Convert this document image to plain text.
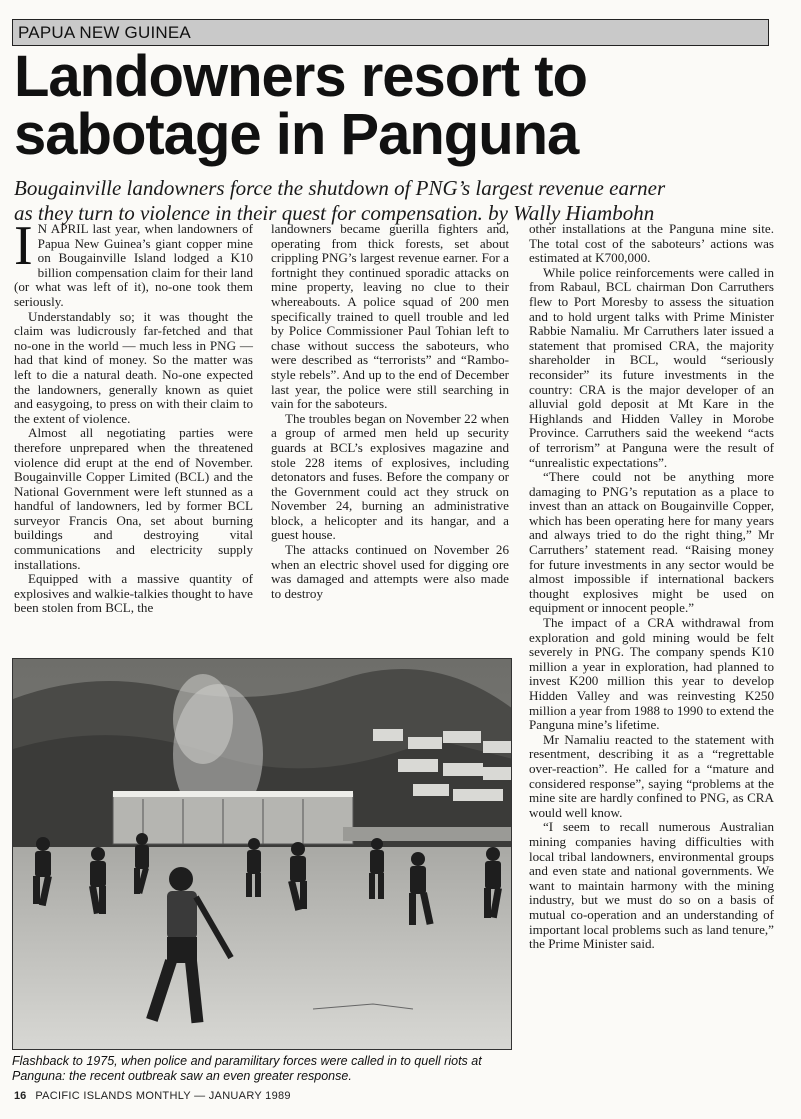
PAPUA NEW GUINEA
Landowners resort to
sabotage in Panguna

Bougainville landowners force the shutdown of PNG’s largest revenue earner
as they turn to violence in their quest for compensation. by Wally Hiambohn

I N APRIL last year, when landowners of Papua New Guinea’s giant copper mine on Bougainville Island lodged a K10 billion compensation claim for their land (or what was left of it), no-one took them seriously.

Understandably so; it was thought the claim was ludicrously far-fetched and that no-one in the world — much less in PNG — had that kind of money. So the matter was left to die a natural death. No-one expected the landowners, generally known as quiet and easygoing, to press on with their claim to the extent of violence.

Almost all negotiating parties were therefore unprepared when the threatened violence did erupt at the end of November. Bougainville Copper Limited (BCL) and the National Government were left stunned as a handful of landowners, led by former BCL surveyor Francis Ona, set about burning buildings and destroying vital communications and electricity supply installations.

Equipped with a massive quantity of explosives and walkie-talkies thought to have been stolen from BCL, the

landowners became guerilla fighters and, operating from thick forests, set about crippling PNG’s largest revenue earner. For a fortnight they continued sporadic attacks on mine property, leaving no clue to their whereabouts. A police squad of 200 men specifically trained to quell trouble and led by Police Commissioner Paul Tohian left to chase without success the saboteurs, who were described as “terrorists” and “Rambo-style rebels”. And up to the end of December last year, the police were still searching in vain for the saboteurs.

The troubles began on November 22 when a group of armed men held up security guards at BCL’s explosives magazine and stole 228 items of explosives, including detonators and fuses. Before the company or the Government could act they struck on November 24, burning an administrative block, a helicopter and its hangar, and a guest house.

The attacks continued on November 26 when an electric shovel used for digging ore was damaged and attempts were also made to destroy

other installations at the Panguna mine site. The total cost of the saboteurs’ actions was estimated at K700,000.

While police reinforcements were called in from Rabaul, BCL chairman Don Carruthers flew to Port Moresby to assess the situation and to hold urgent talks with Prime Minister Rabbie Namaliu. Mr Carruthers later issued a statement that promised CRA, the majority shareholder in BCL, would “seriously reconsider” its future investments in the country: CRA is the major developer of an alluvial gold deposit at Mt Kare in the Highlands and Hidden Valley in Morobe Province. Carruthers said the weekend “acts of terrorism” at Panguna were the result of “unrealistic expectations”.

“There could not be anything more damaging to PNG’s reputation as a place to invest than an attack on Bougainville Copper, which has been operating here for many years and always tried to do the right thing,” Mr Carruthers’ statement read. “Raising money for future investments in any sector would be almost impossible if international backers thought explosives might be used on equipment or innocent people.”

The impact of a CRA withdrawal from exploration and gold mining would be felt severely in PNG. The company spends K10 million a year in exploration, had planned to invest K200 million this year to develop Hidden Valley and was reinvesting K250 million a year from 1988 to 1990 to extend the Panguna mine’s lifetime.

Mr Namaliu reacted to the statement with resentment, describing it as a “regrettable over-reaction”. He called for a “mature and considered response”, saying “problems at the mine site are hardly confined to PNG, as CRA would well know.

“I seem to recall numerous Australian mining companies having difficulties with local tribal landowners, environmental groups and even state and national governments. We want to maintain harmony with the mining industry, but we must do so on a basis of mutual co-operation and an understanding of important local problems such as land tenure,” the Prime Minister said.

Flashback to 1975, when police and paramilitary forces were called in to quell riots at Panguna: the recent outbreak saw an even greater response.

16 PACIFIC ISLANDS MONTHLY — JANUARY 1989
